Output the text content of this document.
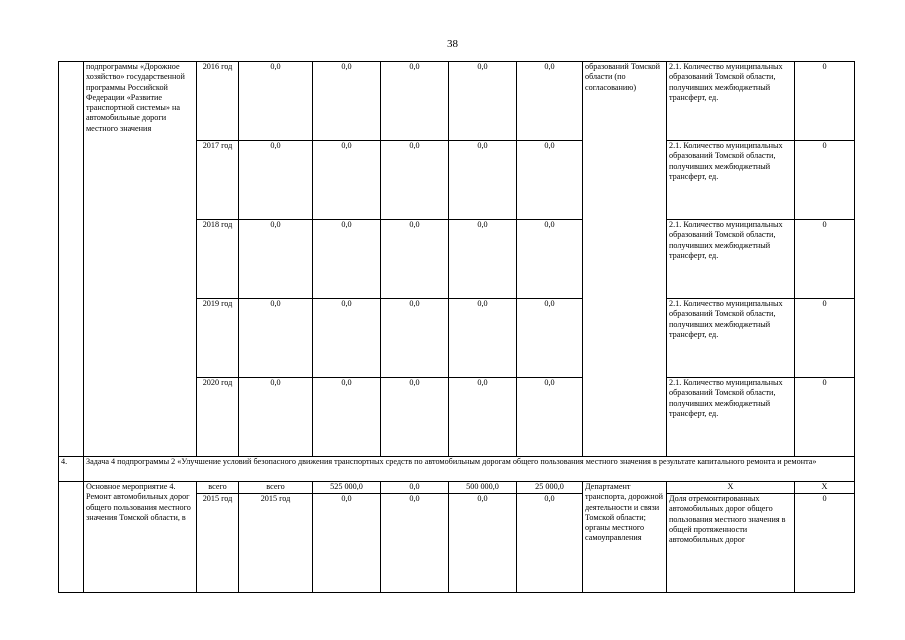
38
	подпрограммы «Дорожное хозяйство» государственной программы Российской Федерации «Развитие транспортной системы» на автомобильные дороги местного значения	2016 год	0,0	0,0	0,0	0,0	0,0	образований Томской области (по согласованию)	2.1. Количество муниципальных образований Томской области, получивших межбюджетный трансферт, ед.	0
		2017 год	0,0	0,0	0,0	0,0	0,0		2.1. Количество муниципальных образований Томской области, получивших межбюджетный трансферт, ед.	0
		2018 год	0,0	0,0	0,0	0,0	0,0		2.1. Количество муниципальных образований Томской области, получивших межбюджетный трансферт, ед.	0
		2019 год	0,0	0,0	0,0	0,0	0,0		2.1. Количество муниципальных образований Томской области, получивших межбюджетный трансферт, ед.	0
		2020 год	0,0	0,0	0,0	0,0	0,0		2.1. Количество муниципальных образований Томской области, получивших межбюджетный трансферт, ед.	0
4.	Задача 4 подпрограммы 2 «Улучшение условий безопасного движения транспортных средств по автомобильным дорогам общего пользования местного значения в результате капитального ремонта и ремонта»									
	Основное мероприятие 4. Ремонт автомобильных дорог общего пользования местного значения Томской области, в	всего	всего	525 000,0	0,0	500 000,0	25 000,0	Департамент транспорта, дорожной деятельности и связи Томской области; органы местного самоуправления	Х	Х
		2015 год	2015 год	0,0	0,0	0,0	0,0		Доля отремонтированных автомобильных дорог общего пользования местного значения в общей протяженности автомобильных дорог	0
